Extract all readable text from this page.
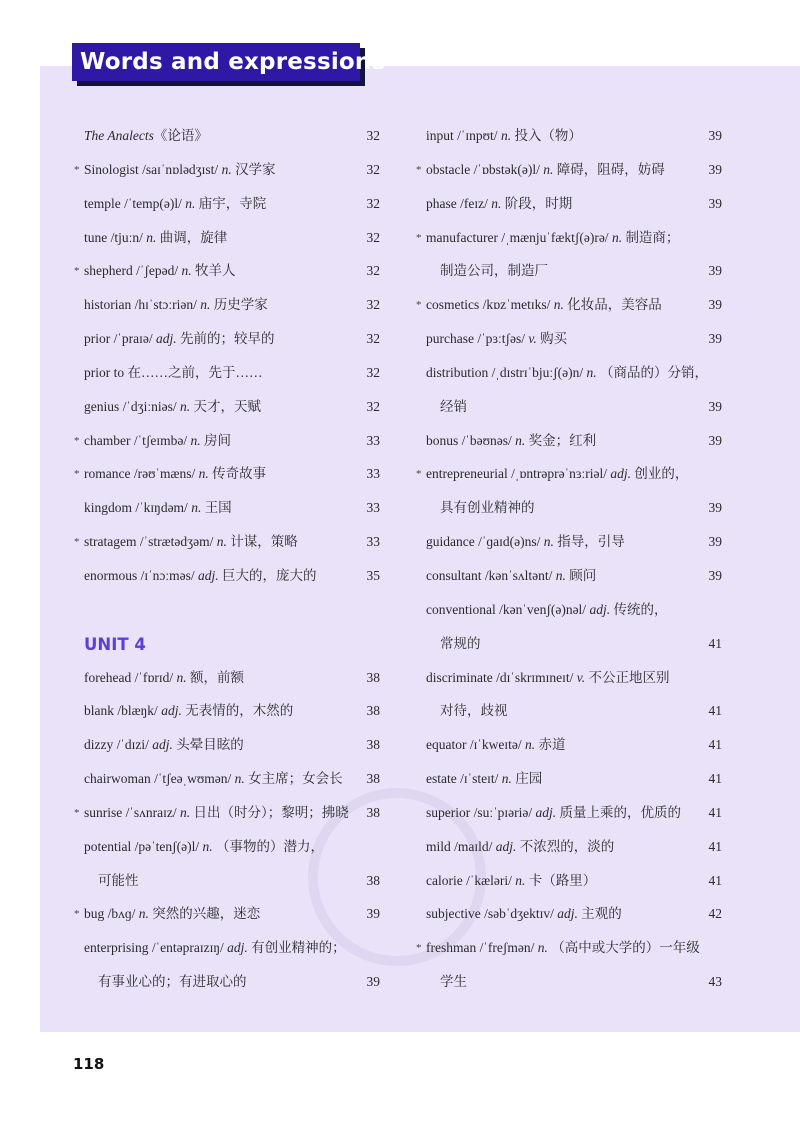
Words and expressions
The Analects《论语》	32
* Sinologist /saɪˈnɒlədʒɪst/ n. 汉学家	32
temple /ˈtemp(ə)l/ n. 庙宇，寺院	32
tune /tjuːn/ n. 曲调，旋律	32
* shepherd /ˈʃepəd/ n. 牧羊人	32
historian /hɪˈstɔːriən/ n. 历史学家	32
prior /ˈpraɪə/ adj. 先前的；较早的	32
prior to 在……之前，先于……	32
genius /ˈdʒiːniəs/ n. 天才，天赋	32
* chamber /ˈtʃeɪmbə/ n. 房间	33
* romance /rəʊˈmæns/ n. 传奇故事	33
kingdom /ˈkɪŋdəm/ n. 王国	33
* stratagem /ˈstrætədʒəm/ n. 计谋，策略	33
enormous /ɪˈnɔːməs/ adj. 巨大的，庞大的	35
UNIT 4
forehead /ˈfɒrɪd/ n. 额，前额	38
blank /blæŋk/ adj. 无表情的，木然的	38
dizzy /ˈdɪzi/ adj. 头晕目眩的	38
chairwoman /ˈtʃeəˌwʊmən/ n. 女主席；女会长 38
* sunrise /ˈsʌnraɪz/ n. 日出（时分）；黎明；拂晓 38
potential /pəˈtenʃ(ə)l/ n. （事物的）潜力，
可能性	38
* bug /bʌɡ/ n. 突然的兴趣，迷恋	39
enterprising /ˈentəpraɪzɪŋ/ adj. 有创业精神的；
有事业心的；有进取心的	39
input /ˈɪnpʊt/ n. 投入（物）	39
* obstacle /ˈɒbstək(ə)l/ n. 障碍，阻碍，妨碍	39
phase /feɪz/ n. 阶段，时期	39
* manufacturer /ˌmænjuˈfæktʃ(ə)rə/ n. 制造商；
制造公司，制造厂	39
* cosmetics /kɒzˈmetɪks/ n. 化妆品，美容品	39
purchase /ˈpɜːtʃəs/ v. 购买	39
distribution /ˌdɪstrɪˈbjuːʃ(ə)n/ n. （商品的）分销，
经销	39
bonus /ˈbəʊnəs/ n. 奖金；红利	39
* entrepreneurial /ˌɒntrəprəˈnɜːriəl/ adj. 创业的，
具有创业精神的	39
guidance /ˈɡaɪd(ə)ns/ n. 指导，引导	39
consultant /kənˈsʌltənt/ n. 顾问	39
conventional /kənˈvenʃ(ə)nəl/ adj. 传统的，
常规的	41
discriminate /dɪˈskrɪmɪneɪt/ v. 不公正地区别
对待，歧视	41
equator /ɪˈkweɪtə/ n. 赤道	41
estate /ɪˈsteɪt/ n. 庄园	41
superior /suːˈpɪəriə/ adj. 质量上乘的，优质的 41
mild /maɪld/ adj. 不浓烈的，淡的	41
calorie /ˈkæləri/ n. 卡（路里）	41
subjective /səbˈdʒektɪv/ adj. 主观的	42
* freshman /ˈfreʃmən/ n. （高中或大学的）一年级
学生	43
118
